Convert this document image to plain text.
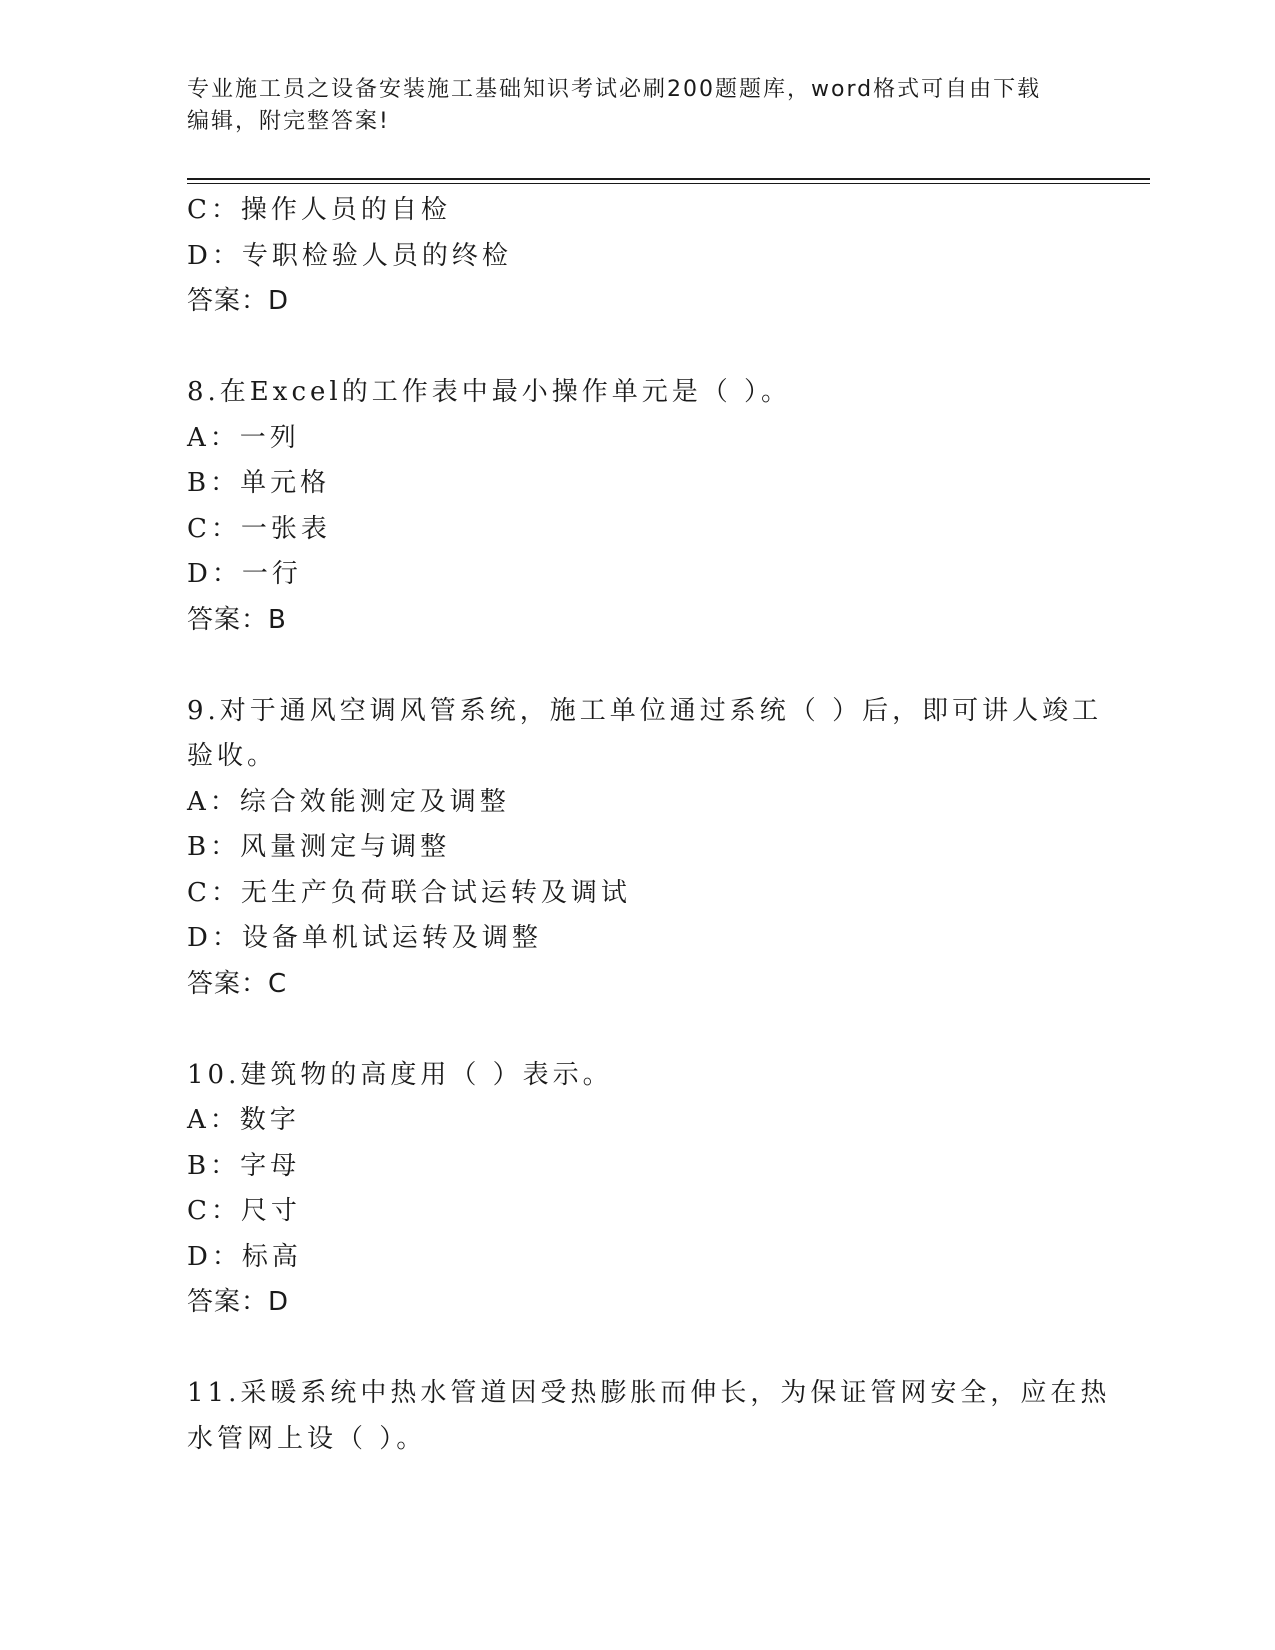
专业施工员之设备安装施工基础知识考试必刷200题题库，word格式可自由下载
编辑，附完整答案!
C：操作人员的自检
D：专职检验人员的终检
答案：D
8.在Excel的工作表中最小操作单元是（ ）。
A：一列
B：单元格
C：一张表
D：一行
答案：B
9.对于通风空调风管系统，施工单位通过系统（ ）后，即可讲人竣工
验收。
A：综合效能测定及调整
B：风量测定与调整
C：无生产负荷联合试运转及调试
D：设备单机试运转及调整
答案：C
10.建筑物的高度用（ ）表示。
A：数字
B：字母
C：尺寸
D：标高
答案：D
11.采暖系统中热水管道因受热膨胀而伸长，为保证管网安全，应在热
水管网上设（ ）。
